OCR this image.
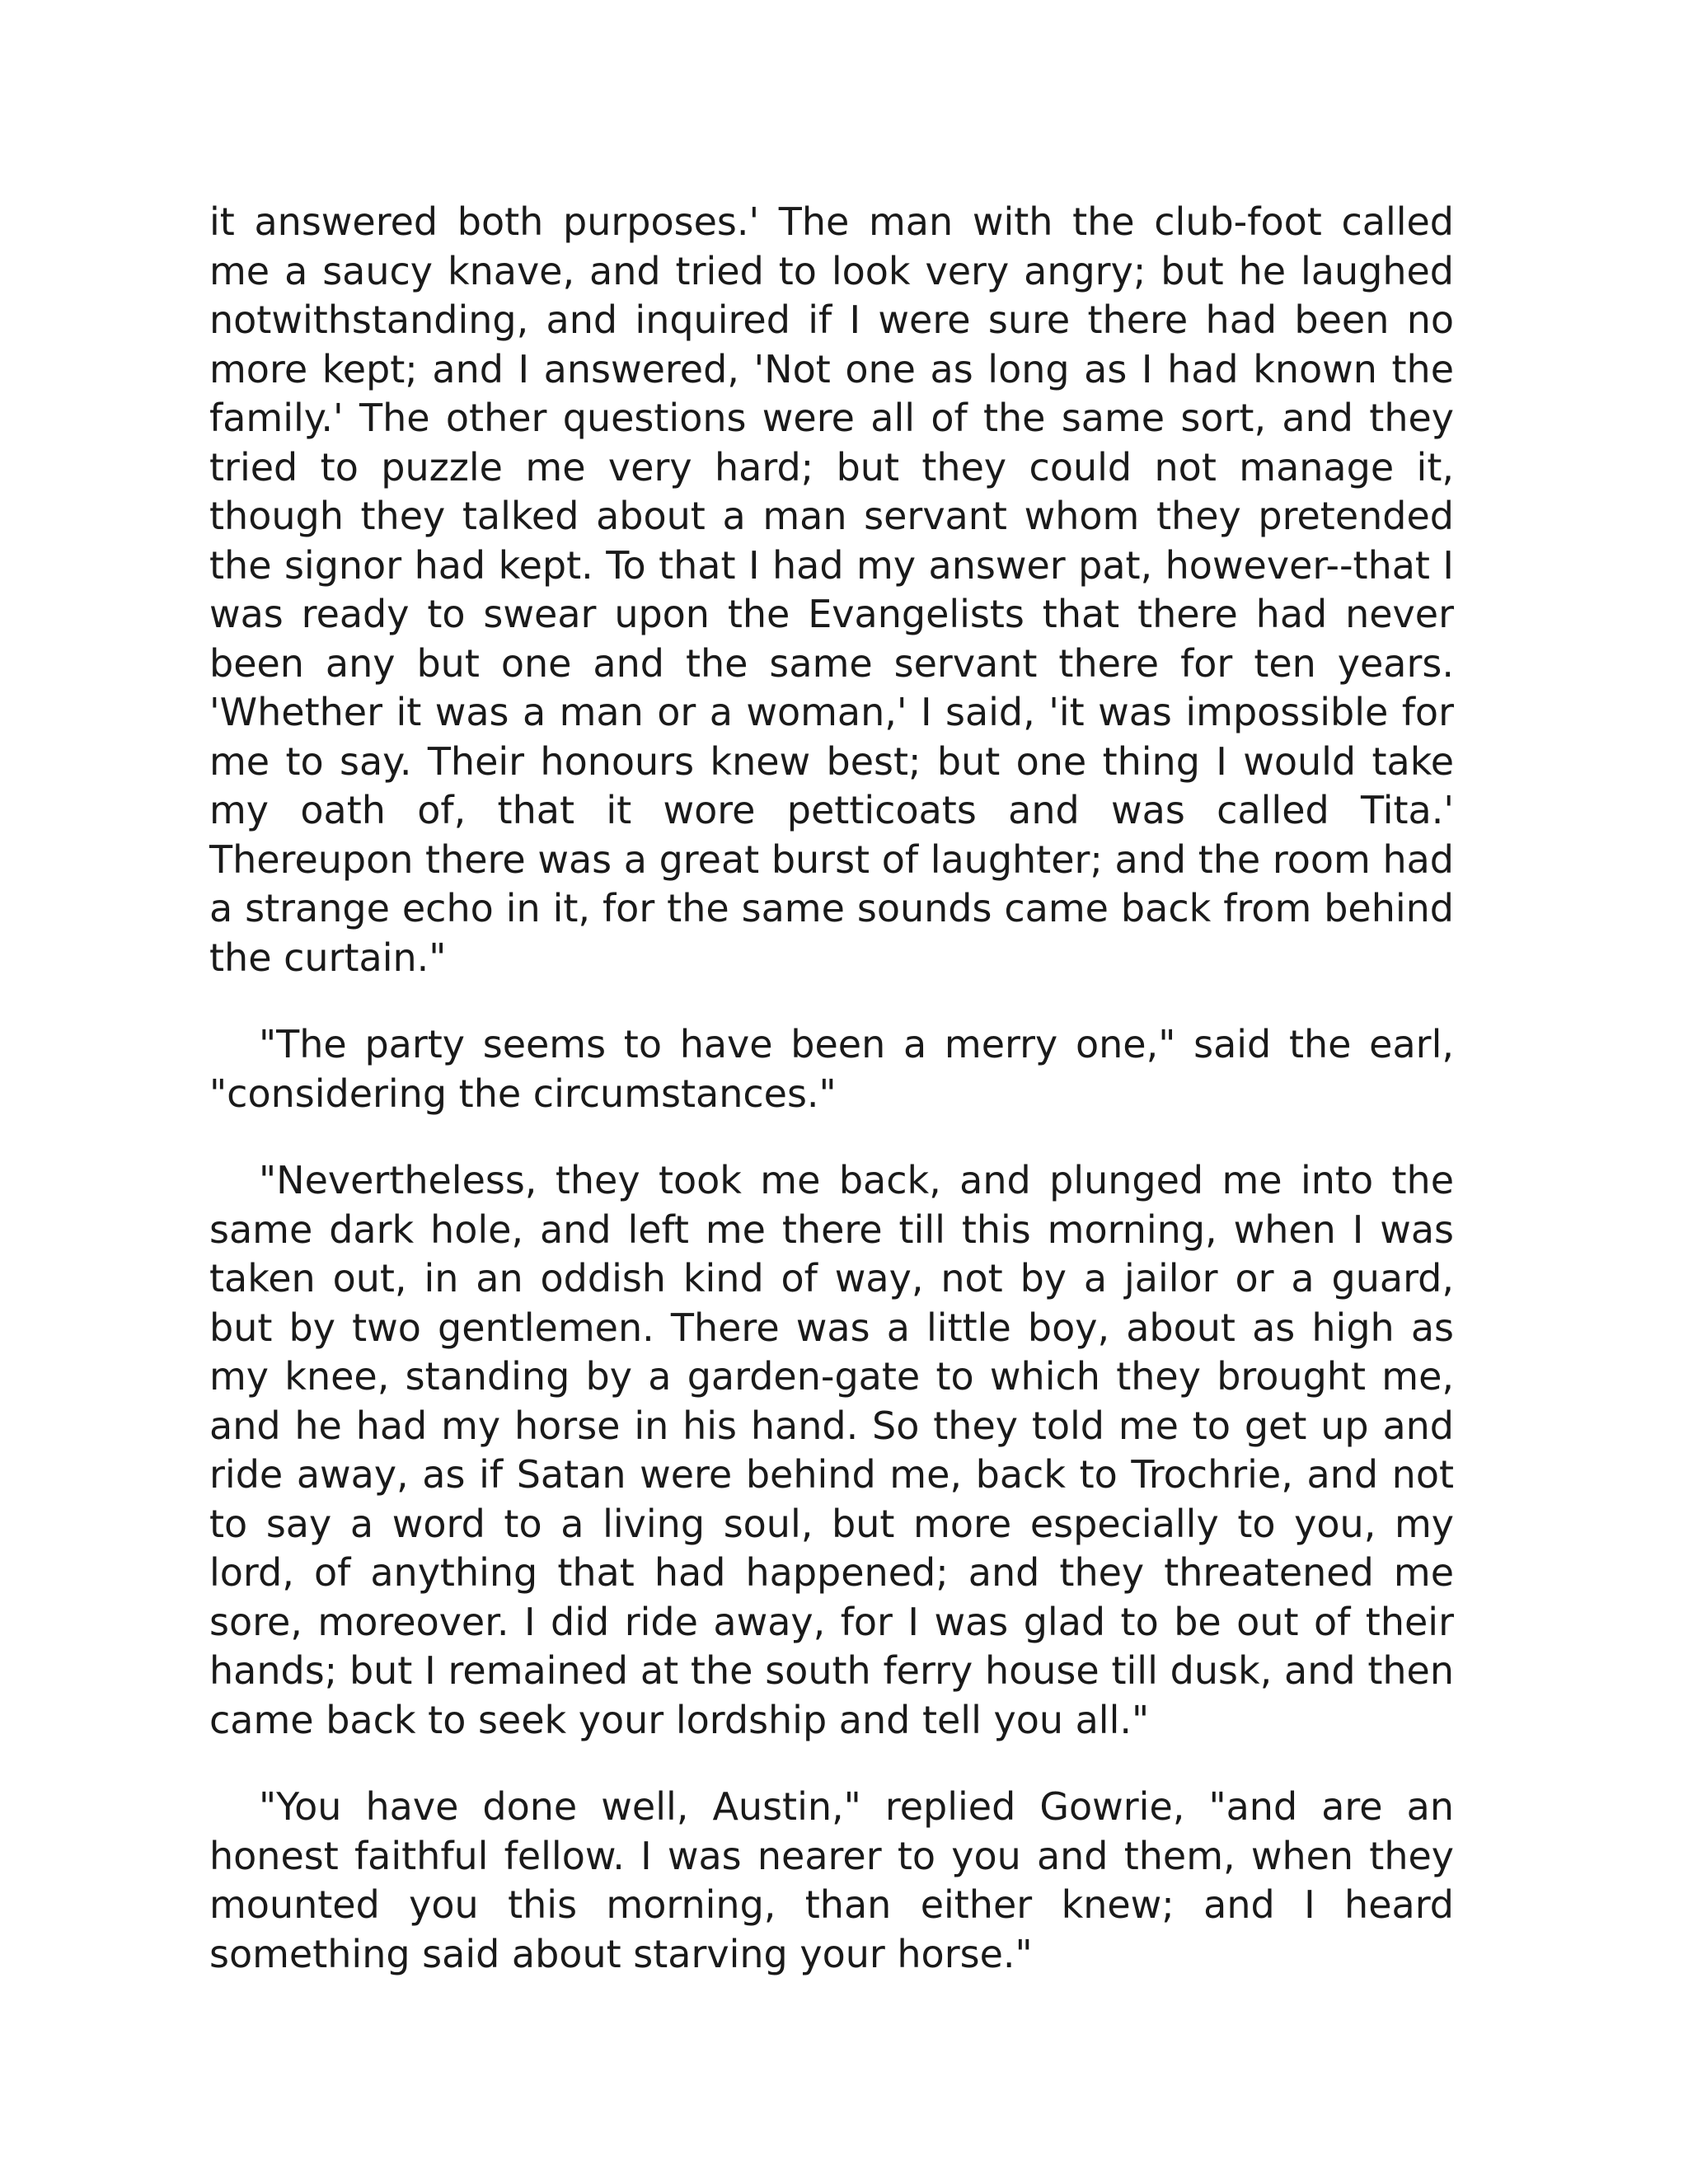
it answered both purposes.' The man with the club-foot called me a saucy knave, and tried to look very angry; but he laughed notwithstanding, and inquired if I were sure there had been no more kept; and I answered, 'Not one as long as I had known the family.' The other questions were all of the same sort, and they tried to puzzle me very hard; but they could not manage it, though they talked about a man servant whom they pretended the signor had kept. To that I had my answer pat, however--that I was ready to swear upon the Evangelists that there had never been any but one and the same servant there for ten years. 'Whether it was a man or a woman,' I said, 'it was impossible for me to say. Their honours knew best; but one thing I would take my oath of, that it wore petticoats and was called Tita.' Thereupon there was a great burst of laughter; and the room had a strange echo in it, for the same sounds came back from behind the curtain."

"The party seems to have been a merry one," said the earl, "considering the circumstances."

"Nevertheless, they took me back, and plunged me into the same dark hole, and left me there till this morning, when I was taken out, in an oddish kind of way, not by a jailor or a guard, but by two gentlemen. There was a little boy, about as high as my knee, standing by a garden-gate to which they brought me, and he had my horse in his hand. So they told me to get up and ride away, as if Satan were behind me, back to Trochrie, and not to say a word to a living soul, but more especially to you, my lord, of anything that had happened; and they threatened me sore, moreover. I did ride away, for I was glad to be out of their hands; but I remained at the south ferry house till dusk, and then came back to seek your lordship and tell you all."

"You have done well, Austin," replied Gowrie, "and are an honest faithful fellow. I was nearer to you and them, when they mounted you this morning, than either knew; and I heard something said about starving your horse."
